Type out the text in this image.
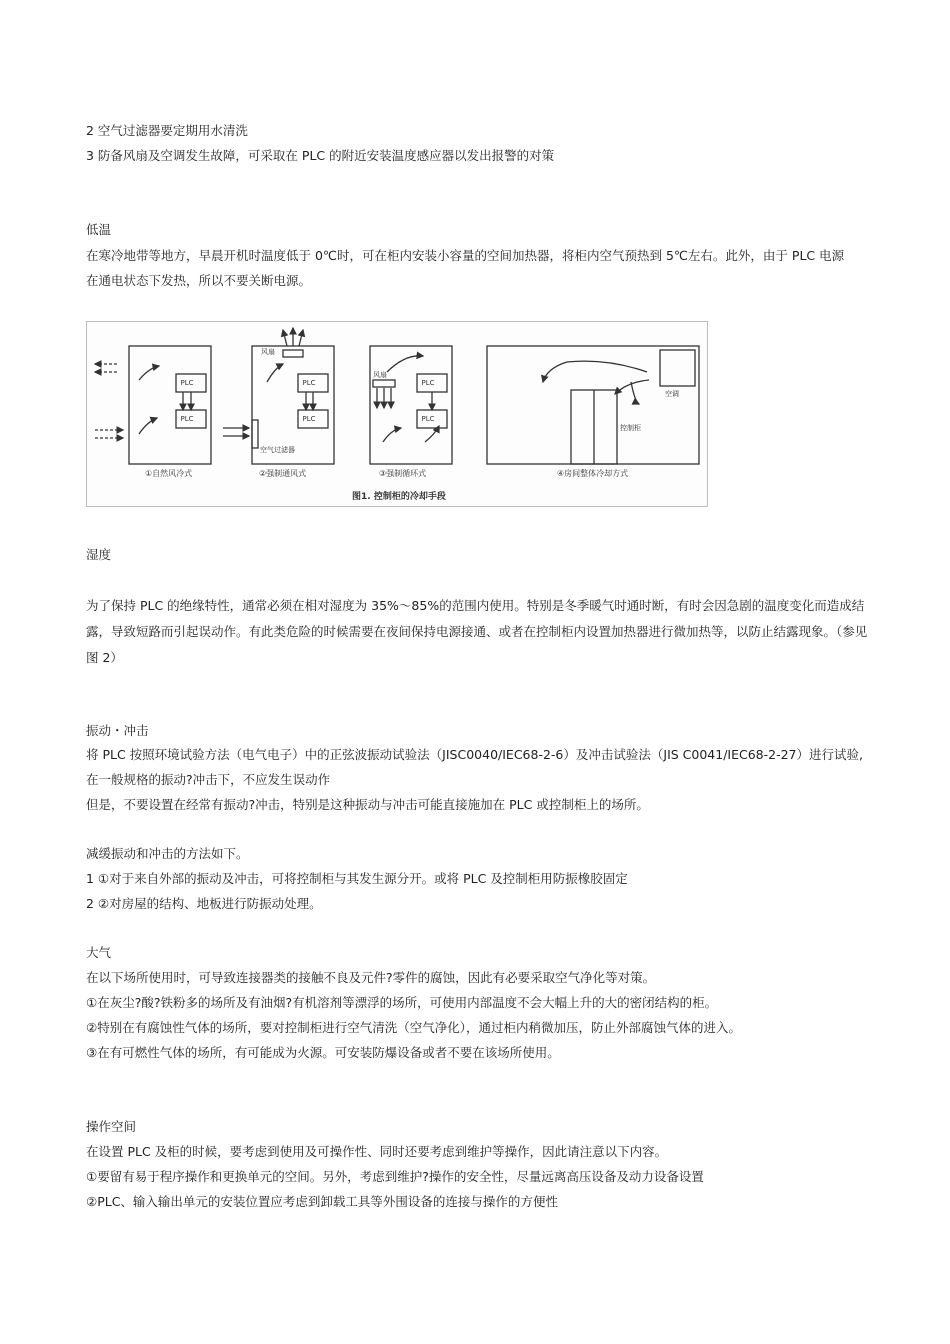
2 空气过滤器要定期用水清洗
3 防备风扇及空调发生故障，可采取在 PLC 的附近安装温度感应器以发出报警的对策
低温
在寒冷地带等地方，早晨开机时温度低于 0℃时，可在柜内安装小容量的空间加热器，将柜内空气预热到 5℃左右。此外，由于 PLC 电源
在通电状态下发热，所以不要关断电源。
PLC
PLC
PLC
PLC
PLC
PLC
风扇
风扇
空气过滤器
控制柜
空调
①自然风冷式	②强制通风式	③强制循环式	④房间整体冷却方式
图1. 控制柜的冷却手段
湿度
为了保持 PLC 的绝缘特性，通常必须在相对湿度为 35%～85%的范围内使用。特别是冬季暖气时通时断，有时会因急剧的温度变化而造成结露，导致短路而引起误动作。有此类危险的时候需要在夜间保持电源接通、或者在控制柜内设置加热器进行微加热等，以防止结露现象。（参见图 2）
振动・冲击
将 PLC 按照环境试验方法（电气电子）中的正弦波振动试验法（JISC0040/IEC68-2-6）及冲击试验法（JIS C0041/IEC68-2-27）进行试验,
在一般规格的振动?冲击下，不应发生误动作
但是，不要设置在经常有振动?冲击，特别是这种振动与冲击可能直接施加在 PLC 或控制柜上的场所。
减缓振动和冲击的方法如下。
1 ①对于来自外部的振动及冲击，可将控制柜与其发生源分开。或将 PLC 及控制柜用防振橡胶固定
2 ②对房屋的结构、地板进行防振动处理。
大气
在以下场所使用时，可导致连接器类的接触不良及元件?零件的腐蚀，因此有必要采取空气净化等对策。
①在灰尘?酸?铁粉多的场所及有油烟?有机溶剂等漂浮的场所，可使用内部温度不会大幅上升的大的密闭结构的柜。
②特别在有腐蚀性气体的场所，要对控制柜进行空气清洗（空气净化），通过柜内稍微加压，防止外部腐蚀气体的进入。
③在有可燃性气体的场所，有可能成为火源。可安装防爆设备或者不要在该场所使用。
操作空间
在设置 PLC 及柜的时候，要考虑到使用及可操作性、同时还要考虑到维护等操作，因此请注意以下内容。
①要留有易于程序操作和更换单元的空间。另外，考虑到维护?操作的安全性，尽量远离高压设备及动力设备设置
②PLC、输入输出单元的安装位置应考虑到卸载工具等外围设备的连接与操作的方便性
